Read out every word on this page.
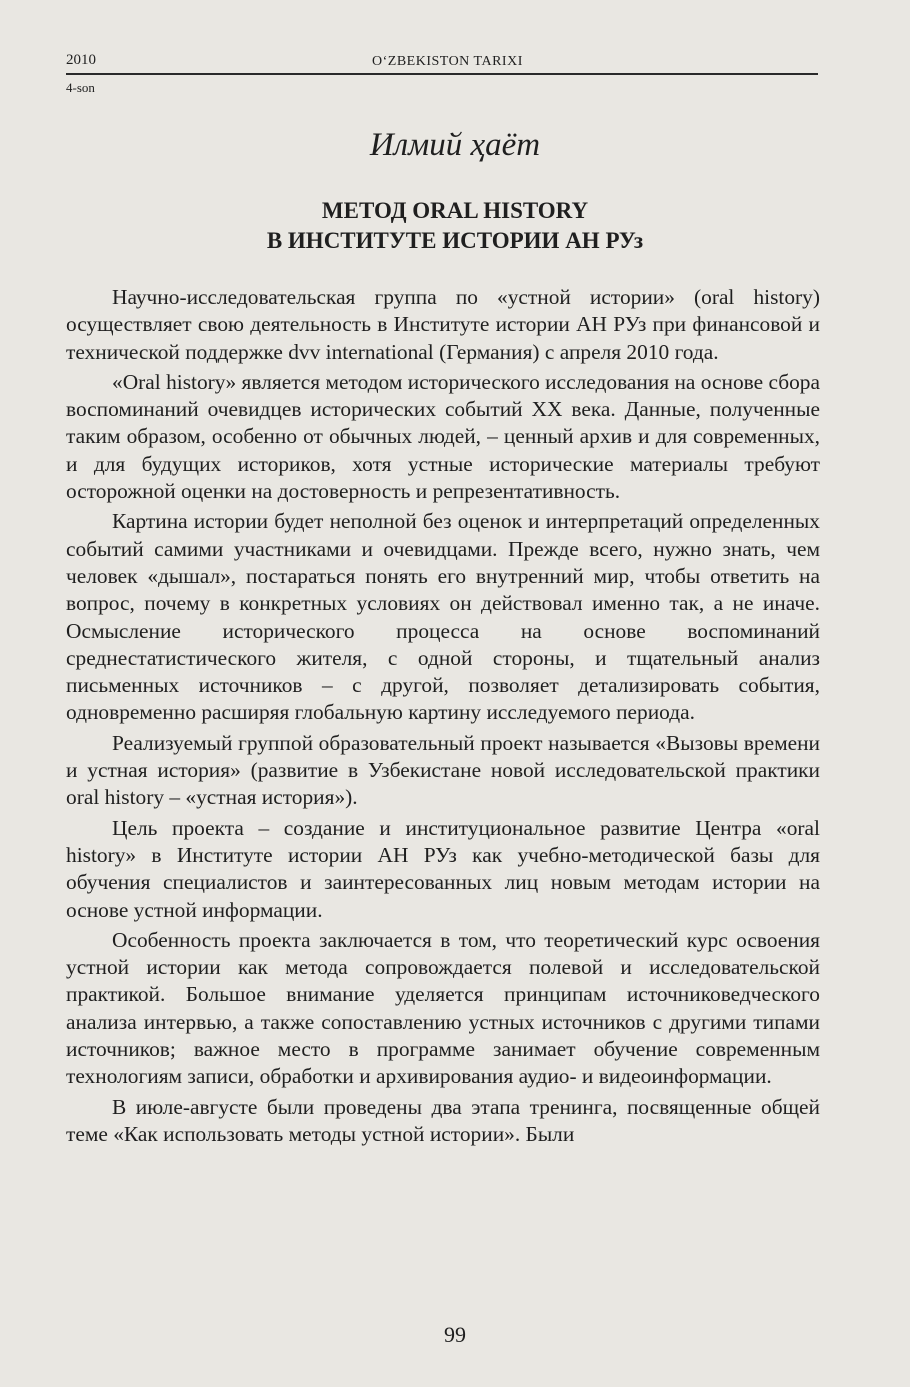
2010
4-son
O‘ZBEKISTON TARIXI
Илмий ҳаёт
МЕТОД ORAL HISTORY
В ИНСТИТУТЕ ИСТОРИИ АН РУз

Научно-исследовательская группа по «устной истории» (oral history) осуществляет свою деятельность в Институте истории АН РУз при финансовой и технической поддержке dvv international (Германия) с апреля 2010 года.

«Oral history» является методом исторического исследования на основе сбора воспоминаний очевидцев исторических событий XX века. Данные, полученные таким образом, особенно от обычных людей, – ценный архив и для современных, и для будущих историков, хотя устные исторические материалы требуют осторожной оценки на достоверность и репрезентативность.

Картина истории будет неполной без оценок и интерпретаций определенных событий самими участниками и очевидцами. Прежде всего, нужно знать, чем человек «дышал», постараться понять его внутренний мир, чтобы ответить на вопрос, почему в конкретных условиях он действовал именно так, а не иначе. Осмысление исторического процесса на основе воспоминаний среднестатистического жителя, с одной стороны, и тщательный анализ письменных источников – с другой, позволяет детализировать события, одновременно расширяя глобальную картину исследуемого периода.

Реализуемый группой образовательный проект называется «Вызовы времени и устная история» (развитие в Узбекистане новой исследовательской практики oral history – «устная история»).

Цель проекта – создание и институциональное развитие Центра «oral history» в Институте истории АН РУз как учебно-методической базы для обучения специалистов и заинтересованных лиц новым методам истории на основе устной информации.

Особенность проекта заключается в том, что теоретический курс освоения устной истории как метода сопровождается полевой и исследовательской практикой. Большое внимание уделяется принципам источниковедческого анализа интервью, а также сопоставлению устных источников с другими типами источников; важное место в программе занимает обучение современным технологиям записи, обработки и архивирования аудио- и видеоинформации.

В июле-августе были проведены два этапа тренинга, посвященные общей теме «Как использовать методы устной истории». Были

99
